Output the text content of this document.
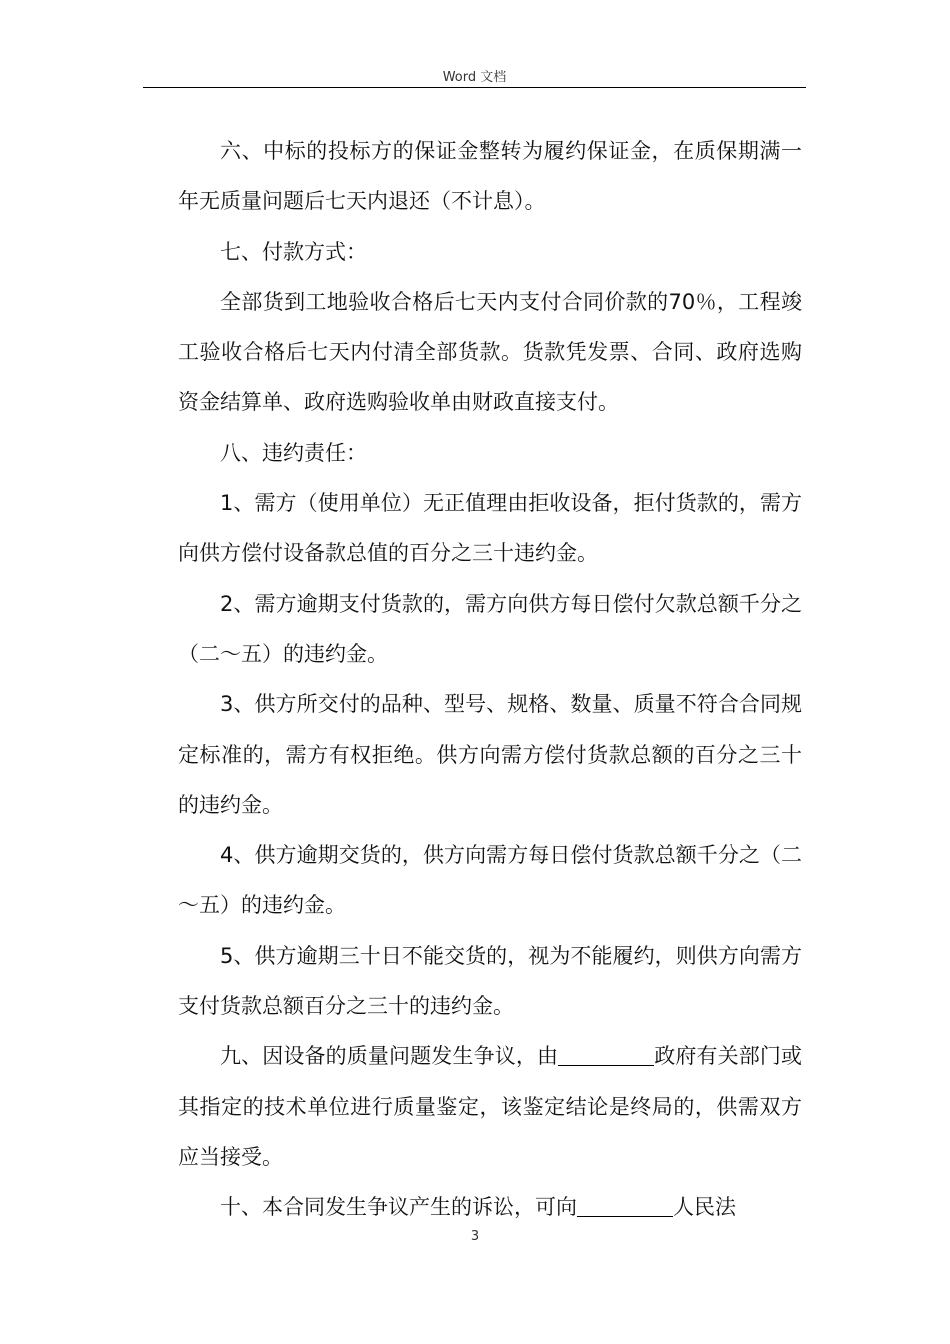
Word 文档

六、中标的投标方的保证金整转为履约保证金，在质保期满一年无质量问题后七天内退还（不计息）。

七、付款方式：

全部货到工地验收合格后七天内支付合同价款的70％，工程竣工验收合格后七天内付清全部货款。货款凭发票、合同、政府选购资金结算单、政府选购验收单由财政直接支付。

八、违约责任：

1、需方（使用单位）无正值理由拒收设备，拒付货款的，需方向供方偿付设备款总值的百分之三十违约金。

2、需方逾期支付货款的，需方向供方每日偿付欠款总额千分之（二～五）的违约金。

3、供方所交付的品种、型号、规格、数量、质量不符合合同规定标准的，需方有权拒绝。供方向需方偿付货款总额的百分之三十的违约金。

4、供方逾期交货的，供方向需方每日偿付货款总额千分之（二～五）的违约金。

5、供方逾期三十日不能交货的，视为不能履约，则供方向需方支付货款总额百分之三十的违约金。

九、因设备的质量问题发生争议，由	政府有关部门或其指定的技术单位进行质量鉴定，该鉴定结论是终局的，供需双方应当接受。

十、本合同发生争议产生的诉讼，可向	人民法

3
